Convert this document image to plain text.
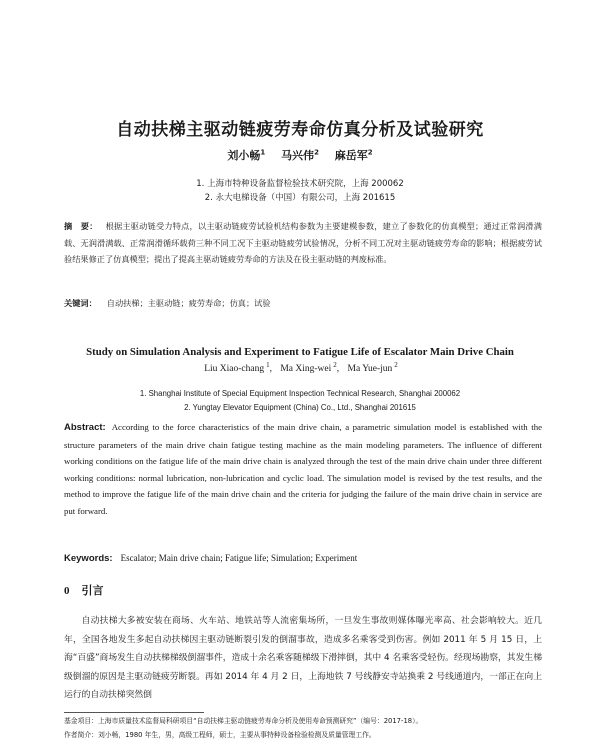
自动扶梯主驱动链疲劳寿命仿真分析及试验研究
刘小畅$^1$ 马兴伟$^2$ 麻岳军$^2$
1. 上海市特种设备监督检验技术研究院，上海 200062
2. 永大电梯设备（中国）有限公司，上海 201615
摘　要： 根据主驱动链受力特点，以主驱动链疲劳试验机结构参数为主要建模参数，建立了参数化的仿真模型；通过正常润滑满载、无润滑满载、正常润滑循环载荷三种不同工况下主驱动链疲劳试验情况，分析不同工况对主驱动链疲劳寿命的影响；根据疲劳试验结果修正了仿真模型；提出了提高主驱动链疲劳寿命的方法及在役主驱动链的判废标准。
关键词： 自动扶梯；主驱动链；疲劳寿命；仿真；试验
Study on Simulation Analysis and Experiment to Fatigue Life of Escalator Main Drive Chain
Liu Xiao-chang $^1$, Ma Xing-wei $^2$, Ma Yue-jun $^2$
1. Shanghai Institute of Special Equipment Inspection Technical Research, Shanghai 200062
2. Yungtay Elevator Equipment (China) Co., Ltd., Shanghai 201615
Abstract: According to the force characteristics of the main drive chain, a parametric simulation model is established with the structure parameters of the main drive chain fatigue testing machine as the main modeling parameters. The influence of different working conditions on the fatigue life of the main drive chain is analyzed through the test of the main drive chain under three different working conditions: normal lubrication, non-lubrication and cyclic load. The simulation model is revised by the test results, and the method to improve the fatigue life of the main drive chain and the criteria for judging the failure of the main drive chain in service are put forward.
Keywords: Escalator; Main drive chain; Fatigue life; Simulation; Experiment
0 引言
自动扶梯大多被安装在商场、火车站、地铁站等人流密集场所，一旦发生事故则媒体曝光率高、社会影响较大。近几年，全国各地发生多起自动扶梯因主驱动链断裂引发的倒溜事故，造成多名乘客受到伤害。例如 2011 年 5 月 15 日，上海“百盛”商场发生自动扶梯梯级倒溜事件，造成十余名乘客随梯级下滑摔倒，其中 4 名乘客受轻伤。经现场勘察，其发生梯级倒溜的原因是主驱动链疲劳断裂。再如 2014 年 4 月 2 日，上海地铁 7 号线静安寺站换乘 2 号线通道内，一部正在向上运行的自动扶梯突然倒
基金项目：上海市质量技术监督局科研项目“自动扶梯主驱动链疲劳寿命分析及使用寿命预测研究”（编号：2017-18）。
作者简介：刘小畅，1980 年生，男，高级工程师，硕士，主要从事特种设备检验检测及质量管理工作。
